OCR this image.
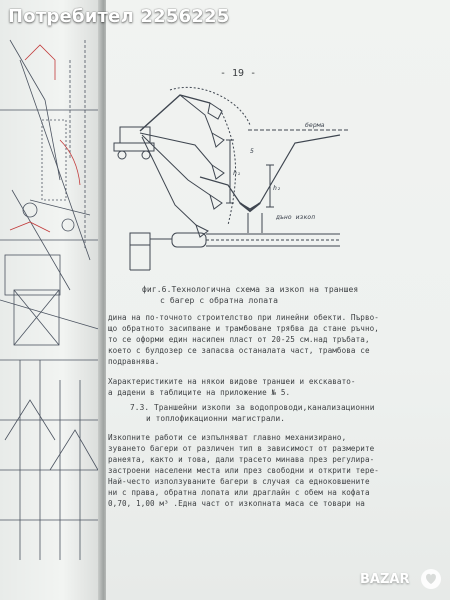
- 19 -
берма
дъно изкоп
h₁
h₂
5
фиг.6.Технологична схема за изкоп на траншея
с багер с обратна лопата
дина на по-точното строителство при линейни обекти. Първо-
що обратното засипване и трамбоване трябва да стане ръчно,
то се оформи един насипен пласт от 20-25 см.над тръбата,
което с булдозер се запасва останалата част, трамбова се
подравнява.
Характеристиките на някои видове траншеи и екскавато-
а дадени в таблиците на приложение № 5.
7.3. Траншейни изкопи за водопроводи,канализационни
и топлофикационни магистрали.
Изкопните работи се изпълняват главно механизирано,
зуването багери от различен тип в зависимост от размерите
ранеята, както и това, дали трасето минава през регулира-
застроени населени места или през свободни и открити тере-
Най-често използуваните багери в случая са едноковшените
ни с права, обратна лопата или драглайн с обем на кофата
0,70, 1,00 м³ .Една част от изкопната маса се товари на
Потребител 2256225
BAZAR
